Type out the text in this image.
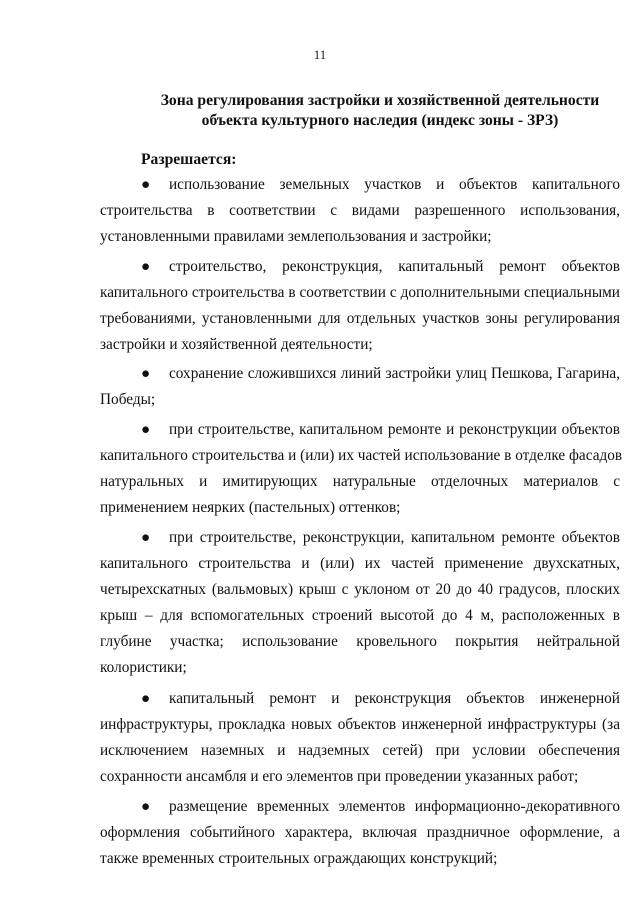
11
Зона регулирования застройки и хозяйственной деятельности
объекта культурного наследия (индекс зоны - ЗРЗ)
Разрешается:
● использование земельных участков и объектов капитального
строительства в соответствии с видами разрешенного использования,
установленными правилами землепользования и застройки;
● строительство, реконструкция, капитальный ремонт объектов
капитального строительства в соответствии с дополнительными специальными
требованиями, установленными для отдельных участков зоны регулирования
застройки и хозяйственной деятельности;
● сохранение сложившихся линий застройки улиц Пешкова, Гагарина,
Победы;
● при строительстве, капитальном ремонте и реконструкции объектов
капитального строительства и (или) их частей использование в отделке фасадов
натуральных и имитирующих натуральные отделочных материалов с
применением неярких (пастельных) оттенков;
● при строительстве, реконструкции, капитальном ремонте объектов
капитального строительства и (или) их частей применение двухскатных,
четырехскатных (вальмовых) крыш с уклоном от 20 до 40 градусов, плоских
крыш – для вспомогательных строений высотой до 4 м, расположенных в
глубине участка; использование кровельного покрытия нейтральной
колористики;
● капитальный ремонт и реконструкция объектов инженерной
инфраструктуры, прокладка новых объектов инженерной инфраструктуры (за
исключением наземных и надземных сетей) при условии обеспечения
сохранности ансамбля и его элементов при проведении указанных работ;
● размещение временных элементов информационно-декоративного
оформления событийного характера, включая праздничное оформление, а
также временных строительных ограждающих конструкций;
